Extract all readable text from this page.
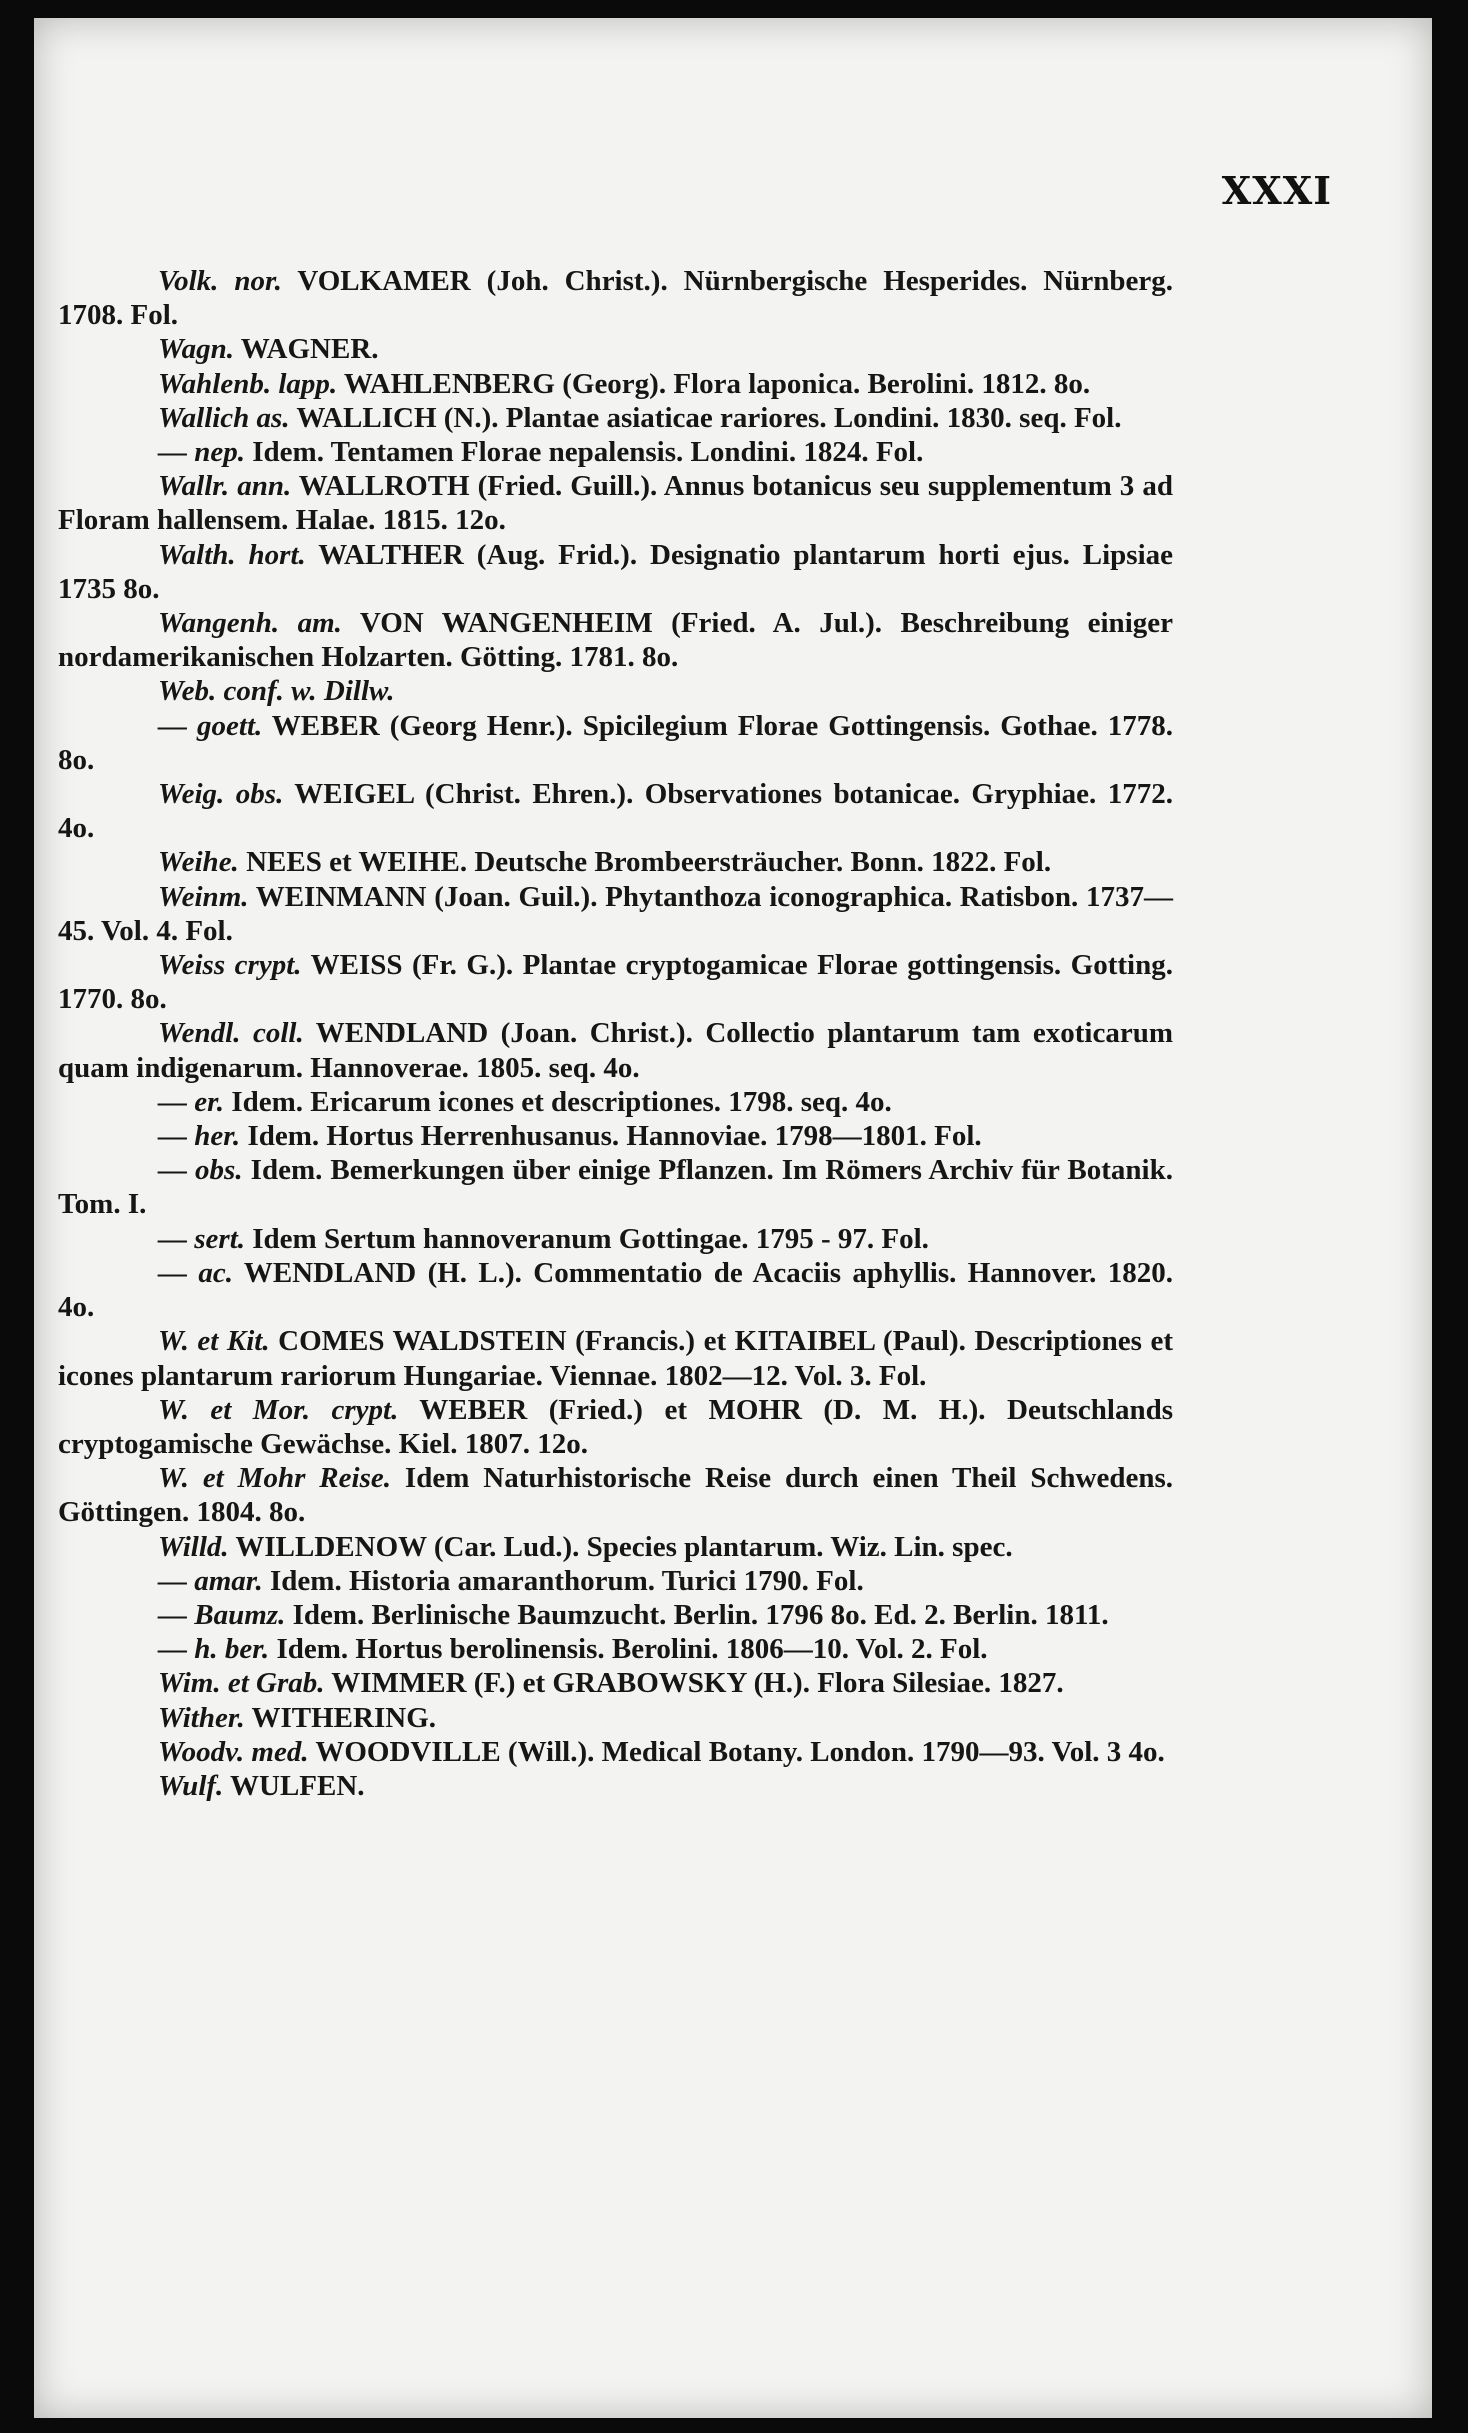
XXXI

Volk. nor. VOLKAMER (Joh. Christ.). Nürnbergische Hesperides. Nürnberg. 1708. Fol.

Wagn. WAGNER.

Wahlenb. lapp. WAHLENBERG (Georg). Flora laponica. Berolini. 1812. 8o.

Wallich as. WALLICH (N.). Plantae asiaticae rariores. Londini. 1830. seq. Fol.

— nep. Idem. Tentamen Florae nepalensis. Londini. 1824. Fol.

Wallr. ann. WALLROTH (Fried. Guill.). Annus botanicus seu supplementum 3 ad Floram hallensem. Halae. 1815. 12o.

Walth. hort. WALTHER (Aug. Frid.). Designatio plantarum horti ejus. Lipsiae 1735 8o.

Wangenh. am. VON WANGENHEIM (Fried. A. Jul.). Beschreibung einiger nordamerikanischen Holzarten. Götting. 1781. 8o.

Web. conf. w. Dillw.

— goett. WEBER (Georg Henr.). Spicilegium Florae Gottingensis. Gothae. 1778. 8o.

Weig. obs. WEIGEL (Christ. Ehren.). Observationes botanicae. Gryphiae. 1772. 4o.

Weihe. NEES et WEIHE. Deutsche Brombeersträucher. Bonn. 1822. Fol.

Weinm. WEINMANN (Joan. Guil.). Phytanthoza iconographica. Ratisbon. 1737—45. Vol. 4. Fol.

Weiss crypt. WEISS (Fr. G.). Plantae cryptogamicae Florae gottingensis. Gotting. 1770. 8o.

Wendl. coll. WENDLAND (Joan. Christ.). Collectio plantarum tam exoticarum quam indigenarum. Hannoverae. 1805. seq. 4o.

— er. Idem. Ericarum icones et descriptiones. 1798. seq. 4o.

— her. Idem. Hortus Herrenhusanus. Hannoviae. 1798—1801. Fol.

— obs. Idem. Bemerkungen über einige Pflanzen. Im Römers Archiv für Botanik. Tom. I.

— sert. Idem Sertum hannoveranum Gottingae. 1795 - 97. Fol.

— ac. WENDLAND (H. L.). Commentatio de Acaciis aphyllis. Hannover. 1820. 4o.

W. et Kit. COMES WALDSTEIN (Francis.) et KITAIBEL (Paul). Descriptiones et icones plantarum rariorum Hungariae. Viennae. 1802—12. Vol. 3. Fol.

W. et Mor. crypt. WEBER (Fried.) et MOHR (D. M. H.). Deutschlands cryptogamische Gewächse. Kiel. 1807. 12o.

W. et Mohr Reise. Idem Naturhistorische Reise durch einen Theil Schwedens. Göttingen. 1804. 8o.

Willd. WILLDENOW (Car. Lud.). Species plantarum. Wiz. Lin. spec.

— amar. Idem. Historia amaranthorum. Turici 1790. Fol.

— Baumz. Idem. Berlinische Baumzucht. Berlin. 1796 8o. Ed. 2. Berlin. 1811.

— h. ber. Idem. Hortus berolinensis. Berolini. 1806—10. Vol. 2. Fol.

Wim. et Grab. WIMMER (F.) et GRABOWSKY (H.). Flora Silesiae. 1827.

Wither. WITHERING.

Woodv. med. WOODVILLE (Will.). Medical Botany. London. 1790—93. Vol. 3 4o.

Wulf. WULFEN.
